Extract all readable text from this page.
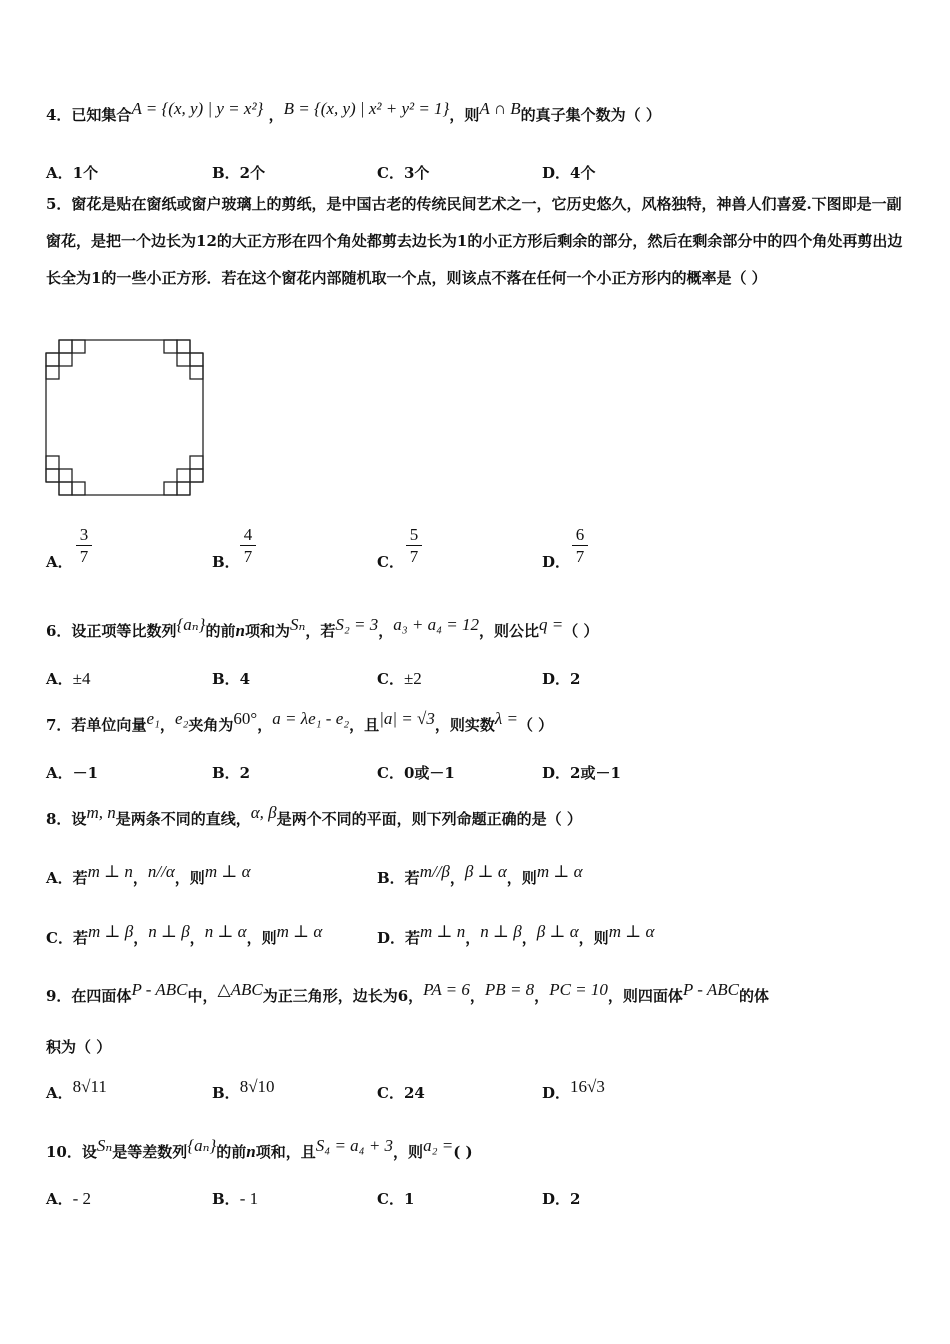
4．已知集合A = {(x, y) | y = x²} ，B = {(x, y) | x² + y² = 1}，则A ∩ B的真子集个数为（ ）
A．1个	B．2个	C．3个	D．4个
5．窗花是贴在窗纸或窗户玻璃上的剪纸，是中国古老的传统民间艺术之一，它历史悠久，风格独特，神兽人们喜爱.下图即是一副窗花，是把一个边长为12的大正方形在四个角处都剪去边长为1的小正方形后剩余的部分，然后在剩余部分中的四个角处再剪出边长全为1的一些小正方形．若在这个窗花内部随机取一个点，则该点不落在任何一个小正方形内的概率是（ ）
A． $\frac{3}{7}$	B． $\frac{4}{7}$	C． $\frac{5}{7}$	D． $\frac{6}{7}$
6．设正项等比数列{aₙ}的前n项和为Sₙ，若S₂ = 3，a₃ + a₄ = 12，则公比q =（ ）
A．±4	B．4	C．±2	D．2
7．若单位向量e₁，e₂夹角为60°，a = λe₁ - e₂，且|a| = √3，则实数λ =（ ）
A．－1	B．2	C．0或－1	D．2或－1
8．设m, n是两条不同的直线，α, β是两个不同的平面，则下列命题正确的是（ ）
A．若m ⊥ n，n//α，则m ⊥ α	B．若m//β，β ⊥ α，则m ⊥ α
C．若m ⊥ β，n ⊥ β，n ⊥ α，则m ⊥ α	D．若m ⊥ n，n ⊥ β，β ⊥ α，则m ⊥ α
9．在四面体P - ABC中，△ABC为正三角形，边长为6，PA = 6，PB = 8，PC = 10，则四面体P - ABC的体
积为（ ）
A．8√11	B．8√10	C．24	D．16√3
10．设Sₙ是等差数列{aₙ}的前n项和，且S₄ = a₄ + 3，则a₂ =( )
A．- 2	B．- 1	C．1	D．2
